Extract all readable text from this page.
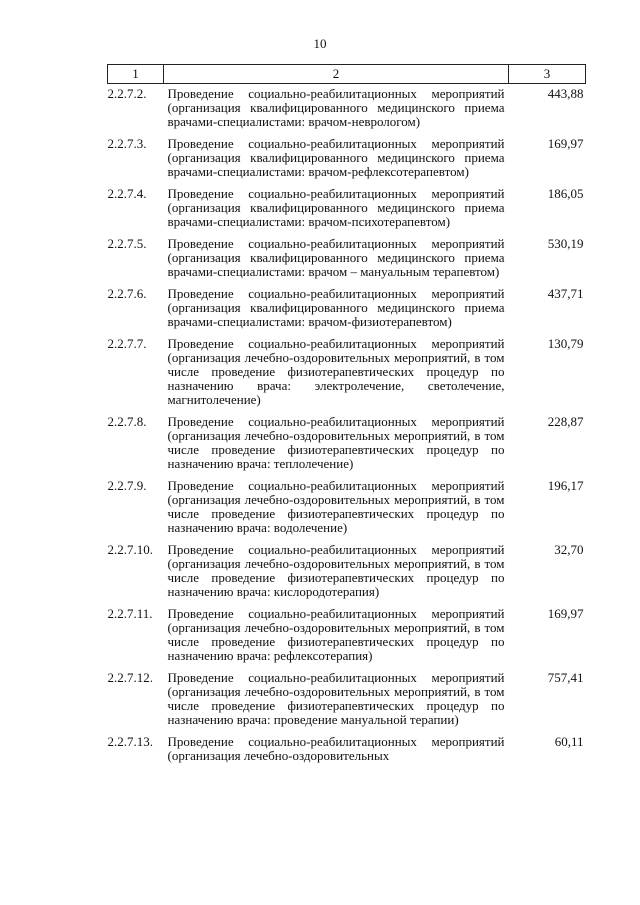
10
1	2	3
2.2.7.2.	Проведение социально-реабилитационных мероприятий (организация квалифицированного медицинского приема врачами-специалистами: врачом-неврологом)	443,88
2.2.7.3.	Проведение социально-реабилитационных мероприятий (организация квалифицированного медицинского приема врачами-специалистами: врачом-рефлексотерапевтом)	169,97
2.2.7.4.	Проведение социально-реабилитационных мероприятий (организация квалифицированного медицинского приема врачами-специалистами: врачом-психотерапевтом)	186,05
2.2.7.5.	Проведение социально-реабилитационных мероприятий (организация квалифицированного медицинского приема врачами-специалистами: врачом – мануальным терапевтом)	530,19
2.2.7.6.	Проведение социально-реабилитационных мероприятий (организация квалифицированного медицинского приема врачами-специалистами: врачом-физиотерапевтом)	437,71
2.2.7.7.	Проведение социально-реабилитационных мероприятий (организация лечебно-оздоровительных мероприятий, в том числе проведение физиотерапевтических процедур по назначению врача: электролечение, светолечение, магнитолечение)	130,79
2.2.7.8.	Проведение социально-реабилитационных мероприятий (организация лечебно-оздоровительных мероприятий, в том числе проведение физиотерапевтических процедур по назначению врача: теплолечение)	228,87
2.2.7.9.	Проведение социально-реабилитационных мероприятий (организация лечебно-оздоровительных мероприятий, в том числе проведение физиотерапевтических процедур по назначению врача: водолечение)	196,17
2.2.7.10.	Проведение социально-реабилитационных мероприятий (организация лечебно-оздоровительных мероприятий, в том числе проведение физиотерапевтических процедур по назначению врача: кислородотерапия)	32,70
2.2.7.11.	Проведение социально-реабилитационных мероприятий (организация лечебно-оздоровительных мероприятий, в том числе проведение физиотерапевтических процедур по назначению врача: рефлексотерапия)	169,97
2.2.7.12.	Проведение социально-реабилитационных мероприятий (организация лечебно-оздоровительных мероприятий, в том числе проведение физиотерапевтических процедур по назначению врача: проведение мануальной терапии)	757,41
2.2.7.13.	Проведение социально-реабилитационных мероприятий (организация лечебно-оздоровительных	60,11
